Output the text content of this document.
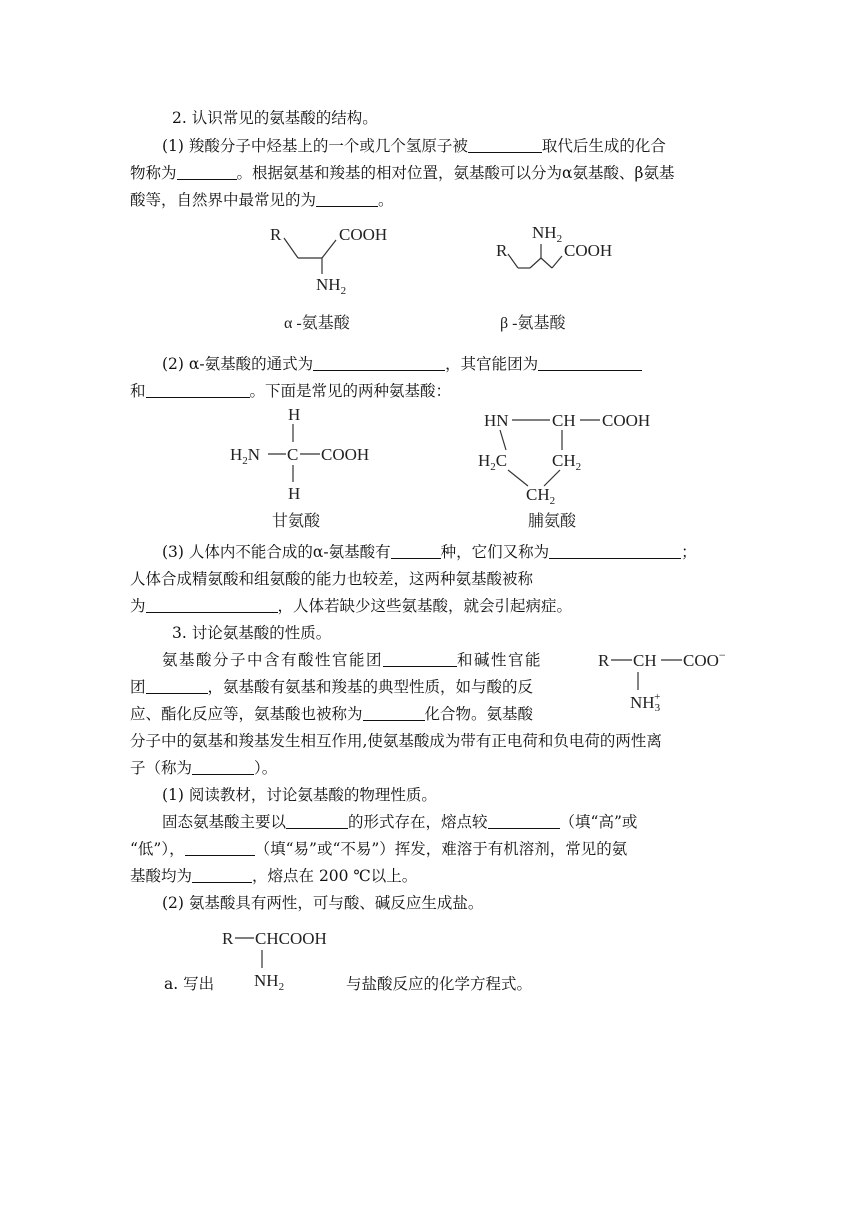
2. 认识常见的氨基酸的结构。
(1) 羧酸分子中烃基上的一个或几个氢原子被	取代后生成的化合
物称为	。根据氨基和羧基的相对位置，氨基酸可以分为α氨基酸、β氨基
酸等，自然界中最常见的为	。
R	COOH
$NH_2$
α -氨基酸
$NH_2$
R	COOH
β -氨基酸
(2) α-氨基酸的通式为	，其官能团为
和	。下面是常见的两种氨基酸：
H
$H_2N$ C COOH
H
甘氨酸
HN	CH COOH
$H_2C$	$CH_2$
$CH_2$
脯氨酸
(3) 人体内不能合成的α-氨基酸有	种，它们又称为	；
人体合成精氨酸和组氨酸的能力也较差，这两种氨基酸被称
为	，人体若缺少这些氨基酸，就会引起病症。
3. 讨论氨基酸的性质。
氨基酸分子中含有酸性官能团	和碱性官能
团	，氨基酸有氨基和羧基的典型性质，如与酸的反
应、酯化反应等，氨基酸也被称为	化合物。氨基酸
分子中的氨基和羧基发生相互作用,使氨基酸成为带有正电荷和负电荷的两性离
子（称为	）。
R CH COO−
NH3+
(1) 阅读教材，讨论氨基酸的物理性质。
固态氨基酸主要以	的形式存在，熔点较	（填“高”或
“低”），	（填“易”或“不易”）挥发，难溶于有机溶剂，常见的氨
基酸均为	，熔点在 200 ℃以上。
(2) 氨基酸具有两性，可与酸、碱反应生成盐。
R CHCOOH
$NH_2$
a. 写出	与盐酸反应的化学方程式。
